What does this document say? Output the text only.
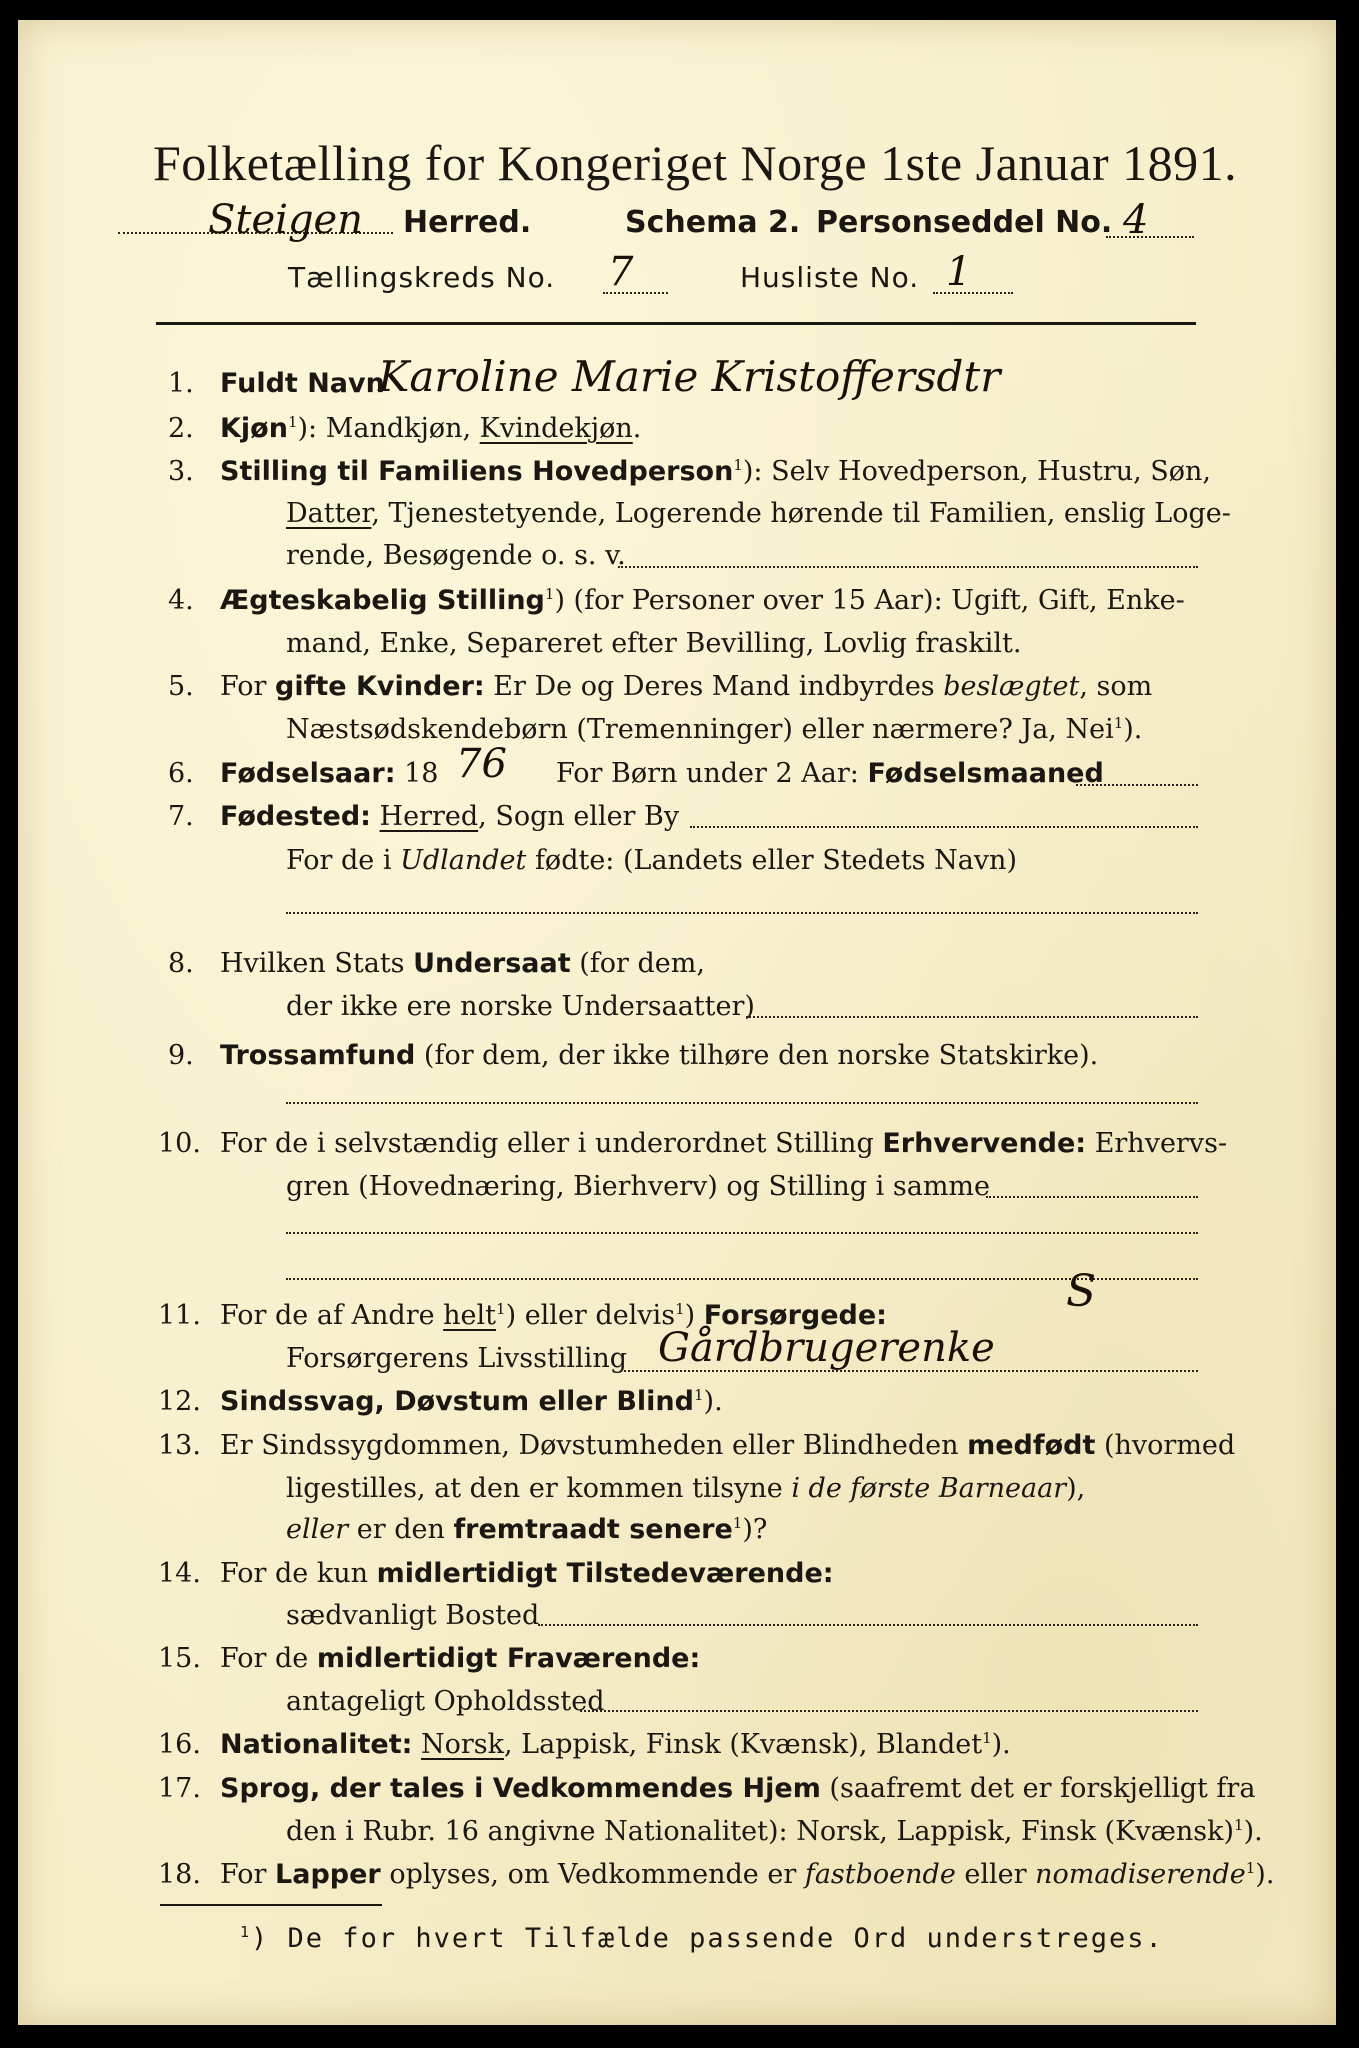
Folketælling for Kongeriget Norge 1ste Januar 1891.
Steigen Herred.	Schema 2. Personseddel No. 4
Tællingskreds No. 7	Husliste No. 1
1. Fuldt Navn
Karoline Marie Kristoffersdtr
2. Kjøn$^1$): Mandkjøn, Kvindekjøn.
3. Stilling til Familiens Hovedperson$^1$): Selv Hovedperson, Hustru, Søn,
Datter, Tjenestetyende, Logerende hørende til Familien, enslig Loge-
rende, Besøgende o. s. v.
4. Ægteskabelig Stilling$^1$) (for Personer over 15 Aar): Ugift, Gift, Enke-
mand, Enke, Separeret efter Bevilling, Lovlig fraskilt.
5. For gifte Kvinder: Er De og Deres Mand indbyrdes beslægtet, som
Næstsødskendebørn (Tremenninger) eller nærmere? Ja, Nei$^1$).
6. Fødselsaar: 18 76 For Børn under 2 Aar: Fødselsmaaned
7. Fødested: Herred, Sogn eller By
For de i Udlandet fødte: (Landets eller Stedets Navn)
8. Hvilken Stats Undersaat (for dem,
der ikke ere norske Undersaatter)
9. Trossamfund (for dem, der ikke tilhøre den norske Statskirke).
10. For de i selvstændig eller i underordnet Stilling Erhvervende: Erhvervs-
gren (Hovednæring, Bierhverv) og Stilling i samme
11. For de af Andre helt$^1$) eller delvis$^1$) Forsørgede:	S
Forsørgerens Livsstilling Gårdbrugerenke
12. Sindssvag, Døvstum eller Blind$^1$).
13. Er Sindssygdommen, Døvstumheden eller Blindheden medfødt (hvormed
ligestilles, at den er kommen tilsyne i de første Barneaar),
eller er den fremtraadt senere$^1$)?
14. For de kun midlertidigt Tilstedeværende:
sædvanligt Bosted
15. For de midlertidigt Fraværende:
antageligt Opholdssted
16. Nationalitet: Norsk, Lappisk, Finsk (Kvænsk), Blandet$^1$).
17. Sprog, der tales i Vedkommendes Hjem (saafremt det er forskjelligt fra
den i Rubr. 16 angivne Nationalitet): Norsk, Lappisk, Finsk (Kvænsk)$^1$).
18. For Lapper oplyses, om Vedkommende er fastboende eller nomadiserende$^1$).
$^1$) De for hvert Tilfælde passende Ord understreges.
